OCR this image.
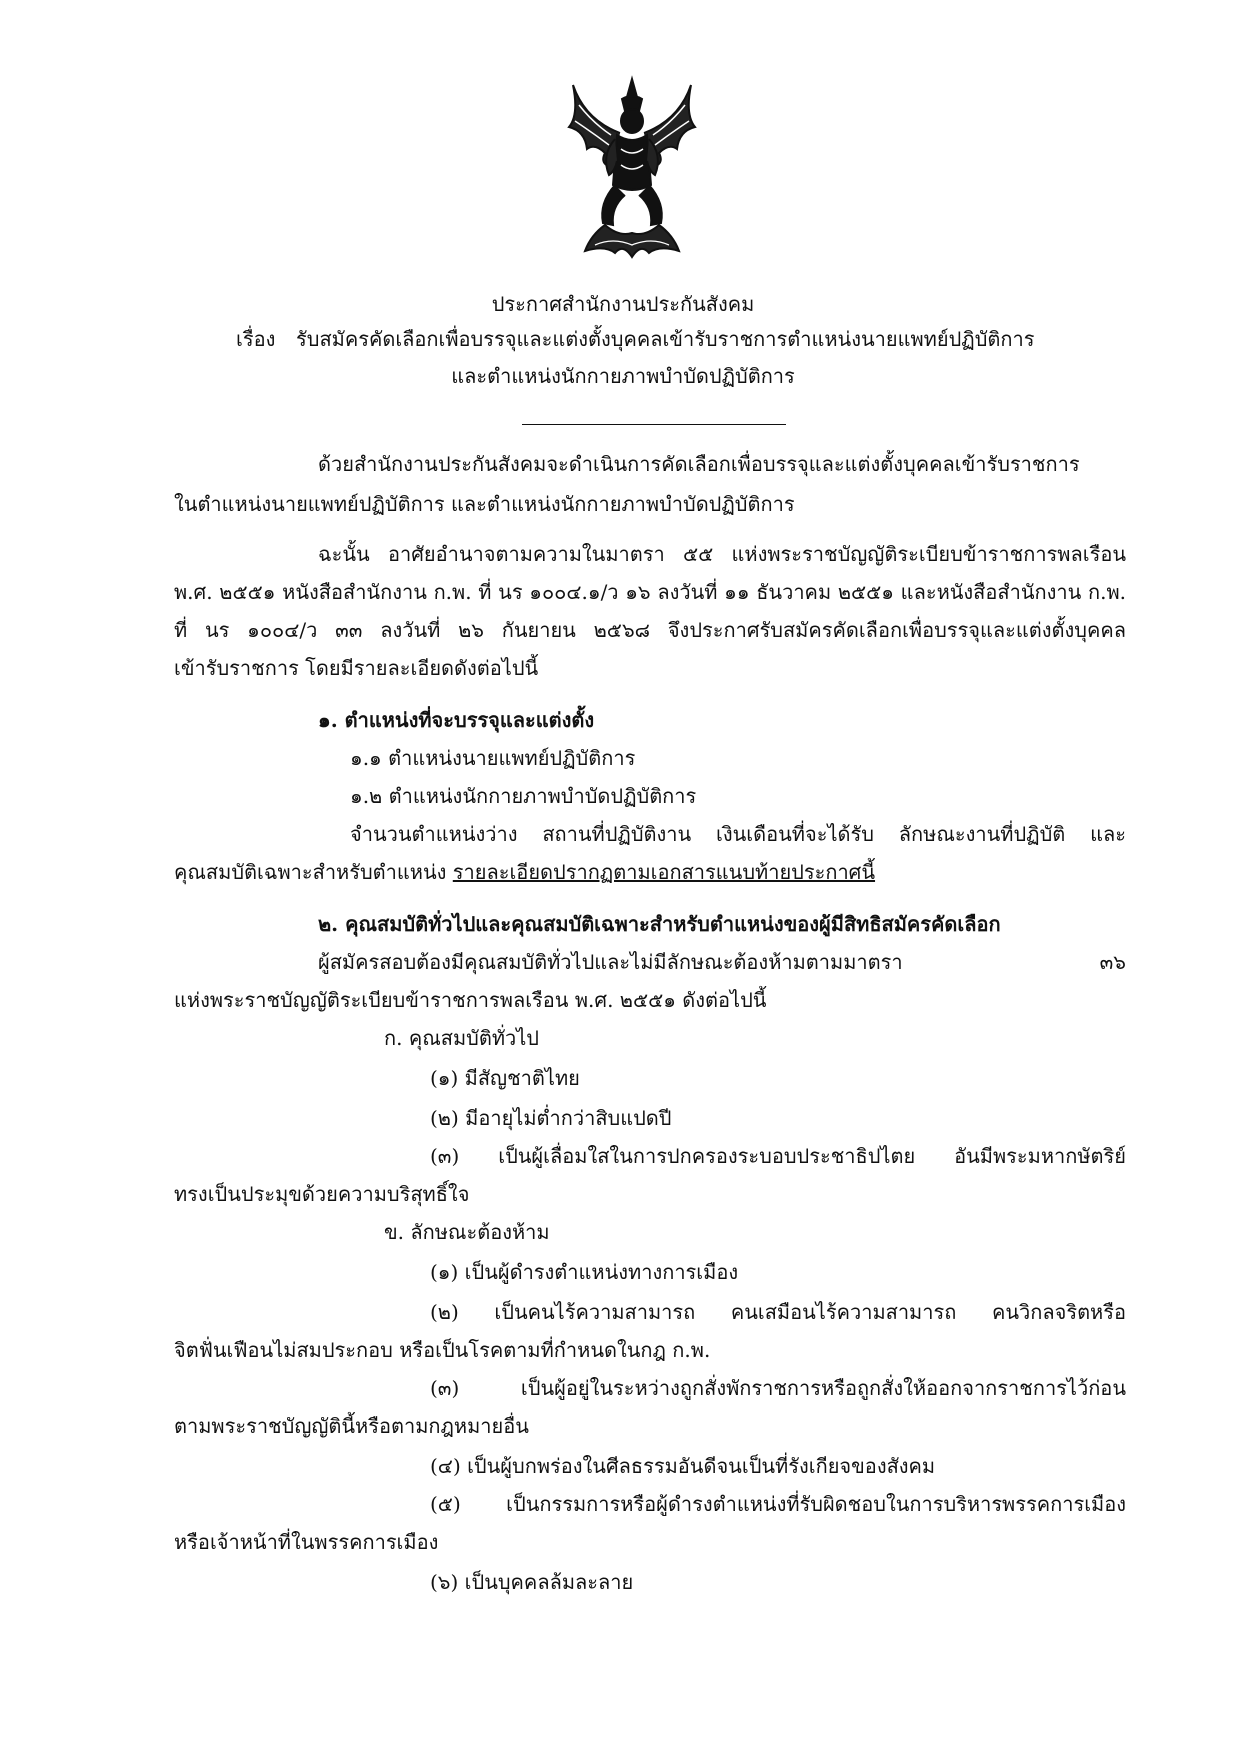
ประกาศสำนักงานประกันสังคม
เรื่อง รับสมัครคัดเลือกเพื่อบรรจุและแต่งตั้งบุคคลเข้ารับราชการตำแหน่งนายแพทย์ปฏิบัติการ
และตำแหน่งนักกายภาพบำบัดปฏิบัติการ
ด้วยสำนักงานประกันสังคมจะดำเนินการคัดเลือกเพื่อบรรจุและแต่งตั้งบุคคลเข้ารับราชการ
ในตำแหน่งนายแพทย์ปฏิบัติการ และตำแหน่งนักกายภาพบำบัดปฏิบัติการ
ฉะนั้น อาศัยอำนาจตามความในมาตรา ๕๕ แห่งพระราชบัญญัติระเบียบข้าราชการพลเรือน
พ.ศ. ๒๕๕๑ หนังสือสำนักงาน ก.พ. ที่ นร ๑๐๐๔.๑/ว ๑๖ ลงวันที่ ๑๑ ธันวาคม ๒๕๕๑ และหนังสือสำนักงาน ก.พ.
ที่ นร ๑๐๐๔/ว ๓๓ ลงวันที่ ๒๖ กันยายน ๒๕๖๘ จึงประกาศรับสมัครคัดเลือกเพื่อบรรจุและแต่งตั้งบุคคล
เข้ารับราชการ โดยมีรายละเอียดดังต่อไปนี้
๑. ตำแหน่งที่จะบรรจุและแต่งตั้ง
๑.๑ ตำแหน่งนายแพทย์ปฏิบัติการ
๑.๒ ตำแหน่งนักกายภาพบำบัดปฏิบัติการ
จำนวนตำแหน่งว่าง สถานที่ปฏิบัติงาน เงินเดือนที่จะได้รับ ลักษณะงานที่ปฏิบัติ และ
คุณสมบัติเฉพาะสำหรับตำแหน่ง รายละเอียดปรากฏตามเอกสารแนบท้ายประกาศนี้
๒. คุณสมบัติทั่วไปและคุณสมบัติเฉพาะสำหรับตำแหน่งของผู้มีสิทธิสมัครคัดเลือก
ผู้สมัครสอบต้องมีคุณสมบัติทั่วไปและไม่มีลักษณะต้องห้ามตามมาตรา ๓๖
แห่งพระราชบัญญัติระเบียบข้าราชการพลเรือน พ.ศ. ๒๕๕๑ ดังต่อไปนี้
ก. คุณสมบัติทั่วไป
(๑) มีสัญชาติไทย
(๒) มีอายุไม่ต่ำกว่าสิบแปดปี
(๓) เป็นผู้เลื่อมใสในการปกครองระบอบประชาธิปไตย อันมีพระมหากษัตริย์
ทรงเป็นประมุขด้วยความบริสุทธิ์ใจ
ข. ลักษณะต้องห้าม
(๑) เป็นผู้ดำรงตำแหน่งทางการเมือง
(๒) เป็นคนไร้ความสามารถ คนเสมือนไร้ความสามารถ คนวิกลจริตหรือ
จิตฟั่นเฟือนไม่สมประกอบ หรือเป็นโรคตามที่กำหนดในกฎ ก.พ.
(๓) เป็นผู้อยู่ในระหว่างถูกสั่งพักราชการหรือถูกสั่งให้ออกจากราชการไว้ก่อน
ตามพระราชบัญญัตินี้หรือตามกฎหมายอื่น
(๔) เป็นผู้บกพร่องในศีลธรรมอันดีจนเป็นที่รังเกียจของสังคม
(๕) เป็นกรรมการหรือผู้ดำรงตำแหน่งที่รับผิดชอบในการบริหารพรรคการเมือง
หรือเจ้าหน้าที่ในพรรคการเมือง
(๖) เป็นบุคคลล้มละลาย
